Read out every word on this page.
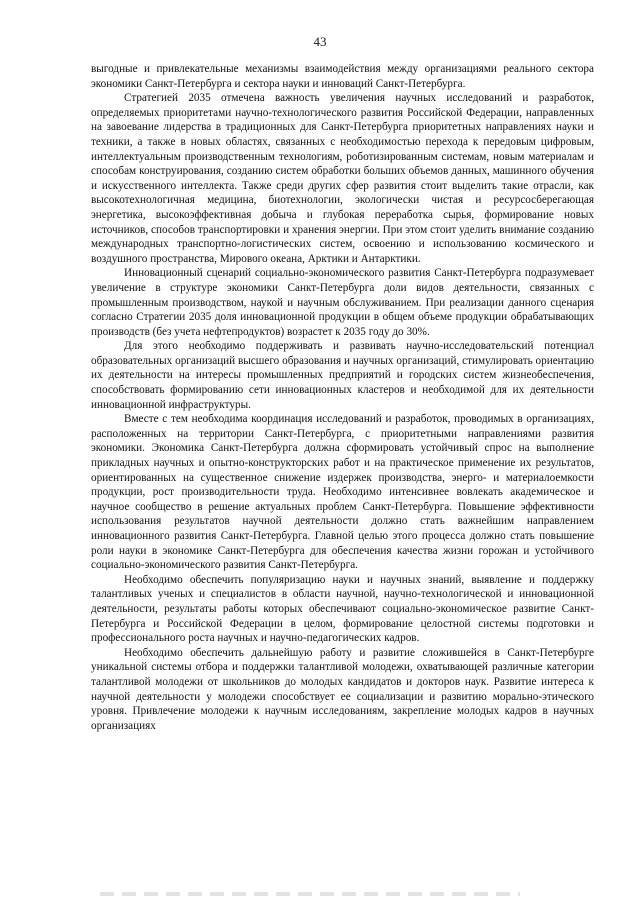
43

выгодные и привлекательные механизмы взаимодействия между организациями реального сектора экономики Санкт-Петербурга и сектора науки и инноваций Санкт-Петербурга.

Стратегией 2035 отмечена важность увеличения научных исследований и разработок, определяемых приоритетами научно-технологического развития Российской Федерации, направленных на завоевание лидерства в традиционных для Санкт-Петербурга приоритетных направлениях науки и техники, а также в новых областях, связанных с необходимостью перехода к передовым цифровым, интеллектуальным производственным технологиям, роботизированным системам, новым материалам и способам конструирования, созданию систем обработки больших объемов данных, машинного обучения и искусственного интеллекта. Также среди других сфер развития стоит выделить такие отрасли, как высокотехнологичная медицина, биотехнологии, экологически чистая и ресурсосберегающая энергетика, высокоэффективная добыча и глубокая переработка сырья, формирование новых источников, способов транспортировки и хранения энергии. При этом стоит уделить внимание созданию международных транспортно-логистических систем, освоению и использованию космического и воздушного пространства, Мирового океана, Арктики и Антарктики.

Инновационный сценарий социально-экономического развития Санкт-Петербурга подразумевает увеличение в структуре экономики Санкт-Петербурга доли видов деятельности, связанных с промышленным производством, наукой и научным обслуживанием. При реализации данного сценария согласно Стратегии 2035 доля инновационной продукции в общем объеме продукции обрабатывающих производств (без учета нефтепродуктов) возрастет к 2035 году до 30%.

Для этого необходимо поддерживать и развивать научно-исследовательский потенциал образовательных организаций высшего образования и научных организаций, стимулировать ориентацию их деятельности на интересы промышленных предприятий и городских систем жизнеобеспечения, способствовать формированию сети инновационных кластеров и необходимой для их деятельности инновационной инфраструктуры.

Вместе с тем необходима координация исследований и разработок, проводимых в организациях, расположенных на территории Санкт-Петербурга, с приоритетными направлениями развития экономики. Экономика Санкт-Петербурга должна сформировать устойчивый спрос на выполнение прикладных научных и опытно-конструкторских работ и на практическое применение их результатов, ориентированных на существенное снижение издержек производства, энерго- и материалоемкости продукции, рост производительности труда. Необходимо интенсивнее вовлекать академическое и научное сообщество в решение актуальных проблем Санкт-Петербурга. Повышение эффективности использования результатов научной деятельности должно стать важнейшим направлением инновационного развития Санкт-Петербурга. Главной целью этого процесса должно стать повышение роли науки в экономике Санкт-Петербурга для обеспечения качества жизни горожан и устойчивого социально-экономического развития Санкт-Петербурга.

Необходимо обеспечить популяризацию науки и научных знаний, выявление и поддержку талантливых ученых и специалистов в области научной, научно-технологической и инновационной деятельности, результаты работы которых обеспечивают социально-экономическое развитие Санкт-Петербурга и Российской Федерации в целом, формирование целостной системы подготовки и профессионального роста научных и научно-педагогических кадров.

Необходимо обеспечить дальнейшую работу и развитие сложившейся в Санкт-Петербурге уникальной системы отбора и поддержки талантливой молодежи, охватывающей различные категории талантливой молодежи от школьников до молодых кандидатов и докторов наук. Развитие интереса к научной деятельности у молодежи способствует ее социализации и развитию морально-этического уровня. Привлечение молодежи к научным исследованиям, закрепление молодых кадров в научных организациях
